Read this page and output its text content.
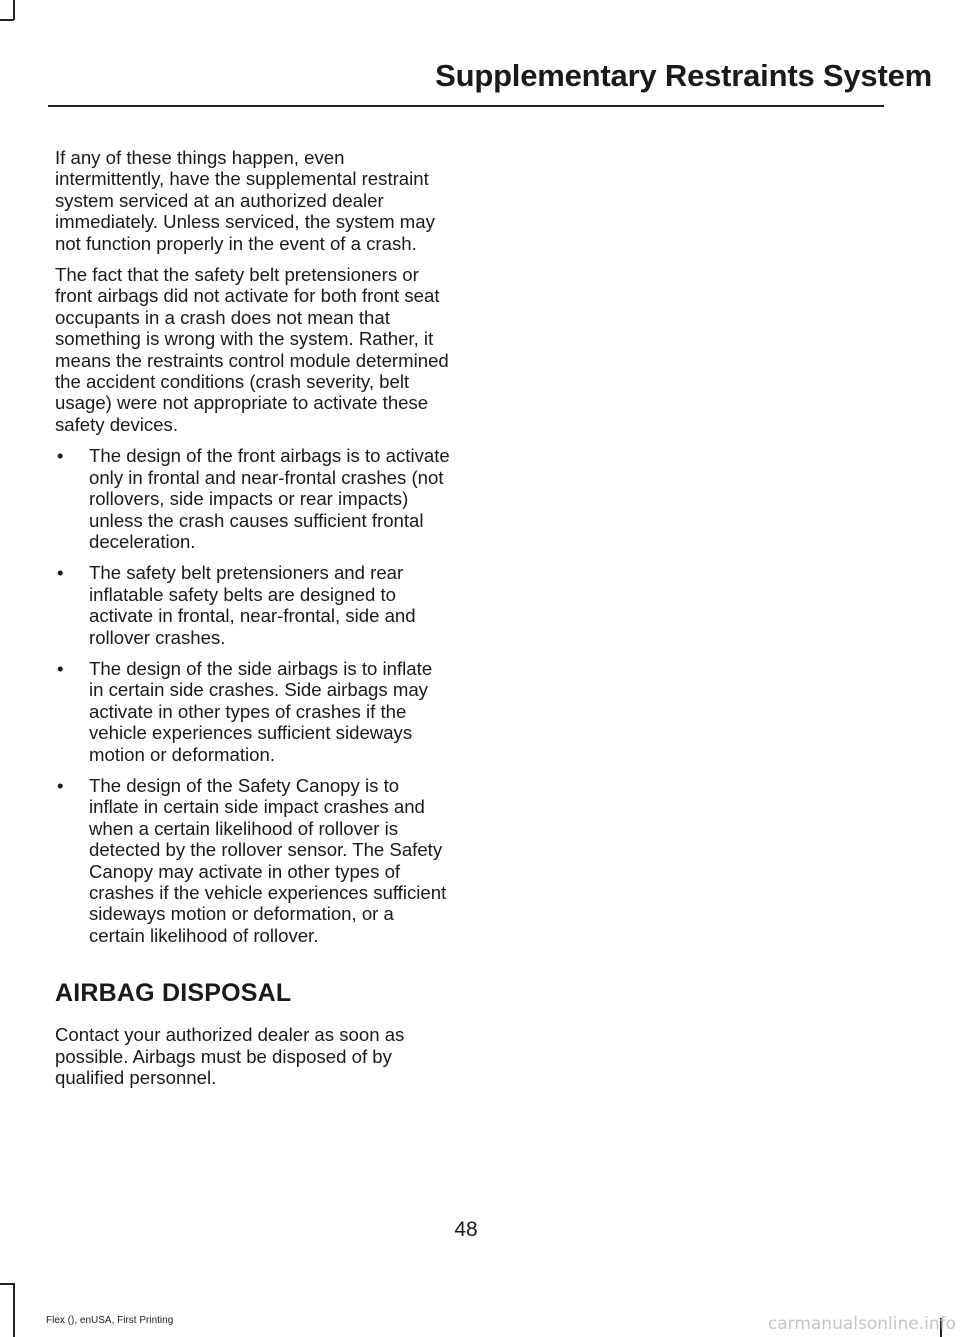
Supplementary Restraints System

If any of these things happen, even intermittently, have the supplemental restraint system serviced at an authorized dealer immediately. Unless serviced, the system may not function properly in the event of a crash.

The fact that the safety belt pretensioners or front airbags did not activate for both front seat occupants in a crash does not mean that something is wrong with the system. Rather, it means the restraints control module determined the accident conditions (crash severity, belt usage) were not appropriate to activate these safety devices.

• The design of the front airbags is to activate only in frontal and near-frontal crashes (not rollovers, side impacts or rear impacts) unless the crash causes sufficient frontal deceleration.
• The safety belt pretensioners and rear inflatable safety belts are designed to activate in frontal, near-frontal, side and rollover crashes.
• The design of the side airbags is to inflate in certain side crashes. Side airbags may activate in other types of crashes if the vehicle experiences sufficient sideways motion or deformation.
• The design of the Safety Canopy is to inflate in certain side impact crashes and when a certain likelihood of rollover is detected by the rollover sensor. The Safety Canopy may activate in other types of crashes if the vehicle experiences sufficient sideways motion or deformation, or a certain likelihood of rollover.
AIRBAG DISPOSAL

Contact your authorized dealer as soon as possible. Airbags must be disposed of by qualified personnel.

48
Flex (), enUSA, First Printing	carmanualsonline.info
